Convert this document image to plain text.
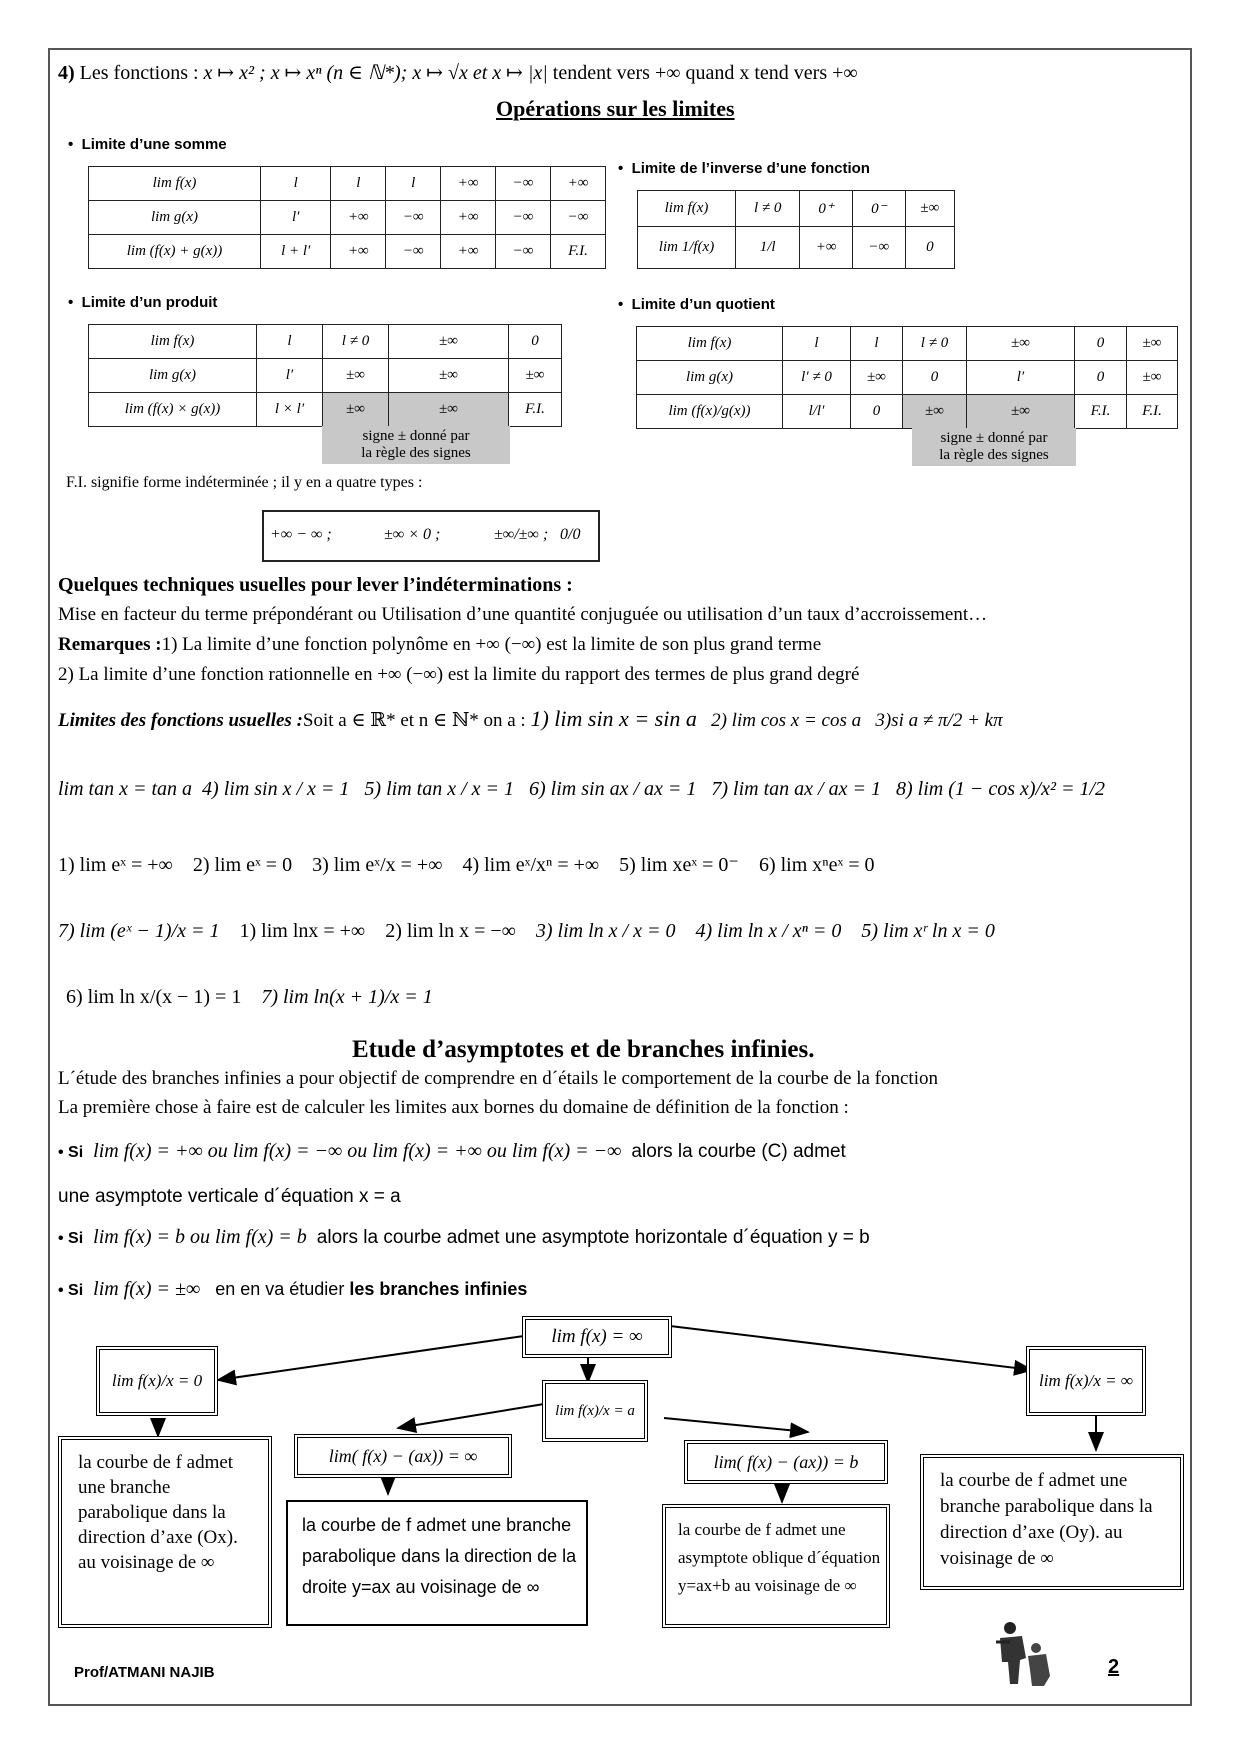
4) Les fonctions : x ↦ x² ; x ↦ xⁿ (n ∈ ℕ*); x ↦ √x et x ↦ |x| tendent vers +∞ quand x tend vers +∞
Opérations sur les limites
•  Limite d’une somme
lim f(x)	l	l	l	+∞	−∞	+∞
lim g(x)	l′	+∞	−∞	+∞	−∞	−∞
lim (f(x) + g(x))	l + l′	+∞	−∞	+∞	−∞	F.I.
•  Limite de l’inverse d’une fonction
lim f(x)	l ≠ 0	0⁺	0⁻	±∞
lim 1/f(x)	1/l	+∞	−∞	0
•  Limite d’un produit
lim f(x)	l	l ≠ 0	±∞	0
lim g(x)	l′	±∞	±∞	±∞
lim (f(x) × g(x))	l × l′	±∞	±∞	F.I.
signe ± donné par
la règle des signes
•  Limite d’un quotient
lim f(x)	l	l	l ≠ 0	±∞	0	±∞
lim g(x)	l′ ≠ 0	±∞	0	l′	0	±∞
lim (f(x)/g(x))	l/l′	0	±∞	±∞	F.I.	F.I.
signe ± donné par
la règle des signes
F.I. signifie forme indéterminée ; il y en a quatre types :
+∞ − ∞ ;	±∞ × 0 ;	±∞/±∞ ; 0/0
Quelques techniques usuelles pour lever l’indéterminations :
Mise en facteur du terme prépondérant ou Utilisation d’une quantité conjuguée ou utilisation d’un taux d’accroissement…
Remarques :1) La limite d’une fonction polynôme en +∞ (−∞) est la limite de son plus grand terme
2) La limite d’une fonction rationnelle en +∞ (−∞) est la limite du rapport des termes de plus grand degré
Limites des fonctions usuelles :Soit a ∈ ℝ* et n ∈ ℕ* on a : 1) lim sin x = sin a 2) lim cos x = cos a 3)si a ≠ π/2 + kπ
lim tan x = tan a 4) lim sin x / x = 1 5) lim tan x / x = 1 6) lim sin ax / ax = 1 7) lim tan ax / ax = 1 8) lim (1 − cos x)/x² = 1/2
1) lim eˣ = +∞ 2) lim eˣ = 0 3) lim eˣ/x = +∞ 4) lim eˣ/xⁿ = +∞ 5) lim xeˣ = 0⁻ 6) lim xⁿeˣ = 0
7) lim (eˣ − 1)/x = 1 1) lim lnx = +∞ 2) lim ln x = −∞ 3) lim ln x / x = 0 4) lim ln x / xⁿ = 0 5) lim xʳ ln x = 0
6) lim ln x/(x − 1) = 1 7) lim ln(x + 1)/x = 1
Etude d’asymptotes et de branches infinies.
L´étude des branches infinies a pour objectif de comprendre en d´étails le comportement de la courbe de la fonction
La première chose à faire est de calculer les limites aux bornes du domaine de définition de la fonction :
• Si lim f(x) = +∞ ou lim f(x) = −∞ ou lim f(x) = +∞ ou lim f(x) = −∞ alors la courbe (C) admet
une asymptote verticale d´équation x = a
• Si lim f(x) = b ou lim f(x) = b alors la courbe admet une asymptote horizontale d´équation y = b
• Si lim f(x) = ±∞ en en va étudier les branches infinies
lim f(x) = ∞
lim f(x)/x = 0
lim f(x)/x = a
lim f(x)/x = ∞
lim( f(x) − (ax)) = ∞	lim( f(x) − (ax)) = b
la courbe de f admet une branche parabolique dans la direction d’axe (Ox). au voisinage de ∞
la courbe de f admet une branche parabolique dans la direction de la droite y=ax au voisinage de ∞
la courbe de f admet une asymptote oblique d´équation y=ax+b au voisinage de ∞
la courbe de f admet une branche parabolique dans la direction d’axe (Oy). au voisinage de ∞
Prof/ATMANI NAJIB	2
